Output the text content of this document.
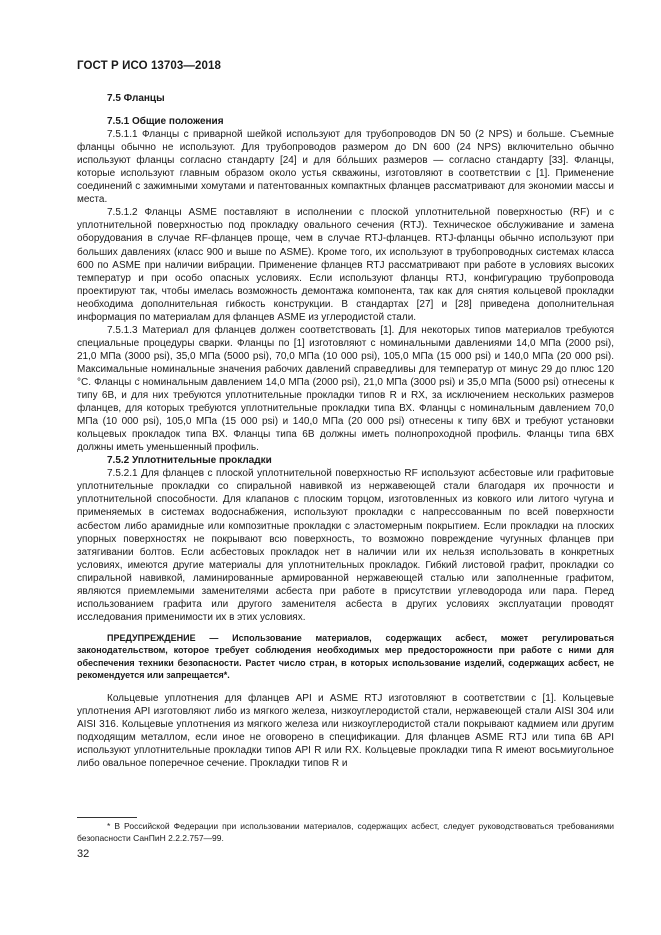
ГОСТ Р ИСО 13703—2018
7.5 Фланцы
7.5.1 Общие положения

7.5.1.1 Фланцы с приварной шейкой используют для трубопроводов DN 50 (2 NPS) и больше. Съемные фланцы обычно не используют. Для трубопроводов размером до DN 600 (24 NPS) включительно обычно используют фланцы согласно стандарту [24] и для бо́льших размеров — согласно стандарту [33]. Фланцы, которые используют главным образом около устья скважины, изготовляют в соответствии с [1]. Применение соединений с зажимными хомутами и патентованных компактных фланцев рассматривают для экономии массы и места.

7.5.1.2 Фланцы ASME поставляют в исполнении с плоской уплотнительной поверхностью (RF) и с уплотнительной поверхностью под прокладку овального сечения (RTJ). Техническое обслуживание и замена оборудования в случае RF-фланцев проще, чем в случае RTJ-фланцев. RTJ-фланцы обычно используют при больших давлениях (класс 900 и выше по ASME). Кроме того, их используют в трубопроводных системах класса 600 по ASME при наличии вибрации. Применение фланцев RTJ рассматривают при работе в условиях высоких температур и при особо опасных условиях. Если используют фланцы RTJ, конфигурацию трубопровода проектируют так, чтобы имелась возможность демонтажа компонента, так как для снятия кольцевой прокладки необходима дополнительная гибкость конструкции. В стандартах [27] и [28] приведена дополнительная информация по материалам для фланцев ASME из углеродистой стали.

7.5.1.3 Материал для фланцев должен соответствовать [1]. Для некоторых типов материалов требуются специальные процедуры сварки. Фланцы по [1] изготовляют с номинальными давлениями 14,0 МПа (2000 psi), 21,0 МПа (3000 psi), 35,0 МПа (5000 psi), 70,0 МПа (10 000 psi), 105,0 МПа (15 000 psi) и 140,0 МПа (20 000 psi). Максимальные номинальные значения рабочих давлений справедливы для температур от минус 29 до плюс 120 °С. Фланцы с номинальным давлением 14,0 МПа (2000 psi), 21,0 МПа (3000 psi) и 35,0 МПа (5000 psi) отнесены к типу 6В, и для них требуются уплотнительные прокладки типов R и RX, за исключением нескольких размеров фланцев, для которых требуются уплотнительные прокладки типа ВХ. Фланцы с номинальным давлением 70,0 МПа (10 000 psi), 105,0 МПа (15 000 psi) и 140,0 МПа (20 000 psi) отнесены к типу 6ВХ и требуют установки кольцевых прокладок типа ВХ. Фланцы типа 6В должны иметь полнопроходной профиль. Фланцы типа 6ВХ должны иметь уменьшенный профиль.

7.5.2 Уплотнительные прокладки

7.5.2.1 Для фланцев с плоской уплотнительной поверхностью RF используют асбестовые или графитовые уплотнительные прокладки со спиральной навивкой из нержавеющей стали благодаря их прочности и уплотнительной способности. Для клапанов с плоским торцом, изготовленных из ковкого или литого чугуна и применяемых в системах водоснабжения, используют прокладки с напрессованным по всей поверхности асбестом либо арамидные или композитные прокладки с эластомерным покрытием. Если прокладки на плоских упорных поверхностях не покрывают всю поверхность, то возможно повреждение чугунных фланцев при затягивании болтов. Если асбестовых прокладок нет в наличии или их нельзя использовать в конкретных условиях, имеются другие материалы для уплотнительных прокладок. Гибкий листовой графит, прокладки со спиральной навивкой, ламинированные армированной нержавеющей сталью или заполненные графитом, являются приемлемыми заменителями асбеста при работе в присутствии углеводорода или пара. Перед использованием графита или другого заменителя асбеста в других условиях эксплуатации проводят исследования применимости их в этих условиях.

ПРЕДУПРЕЖДЕНИЕ — Использование материалов, содержащих асбест, может регулироваться законодательством, которое требует соблюдения необходимых мер предосторожности при работе с ними для обеспечения техники безопасности. Растет число стран, в которых использование изделий, содержащих асбест, не рекомендуется или запрещается*.

Кольцевые уплотнения для фланцев API и ASME RTJ изготовляют в соответствии с [1]. Кольцевые уплотнения API изготовляют либо из мягкого железа, низкоуглеродистой стали, нержавеющей стали AISI 304 или AISI 316. Кольцевые уплотнения из мягкого железа или низкоуглеродистой стали покрывают кадмием или другим подходящим металлом, если иное не оговорено в спецификации. Для фланцев ASME RTJ или типа 6В API используют уплотнительные прокладки типов API R или RX. Кольцевые прокладки типа R имеют восьмиугольное либо овальное поперечное сечение. Прокладки типов R и

* В Российской Федерации при использовании материалов, содержащих асбест, следует руководствоваться требованиями безопасности СанПиН 2.2.2.757—99.
32
